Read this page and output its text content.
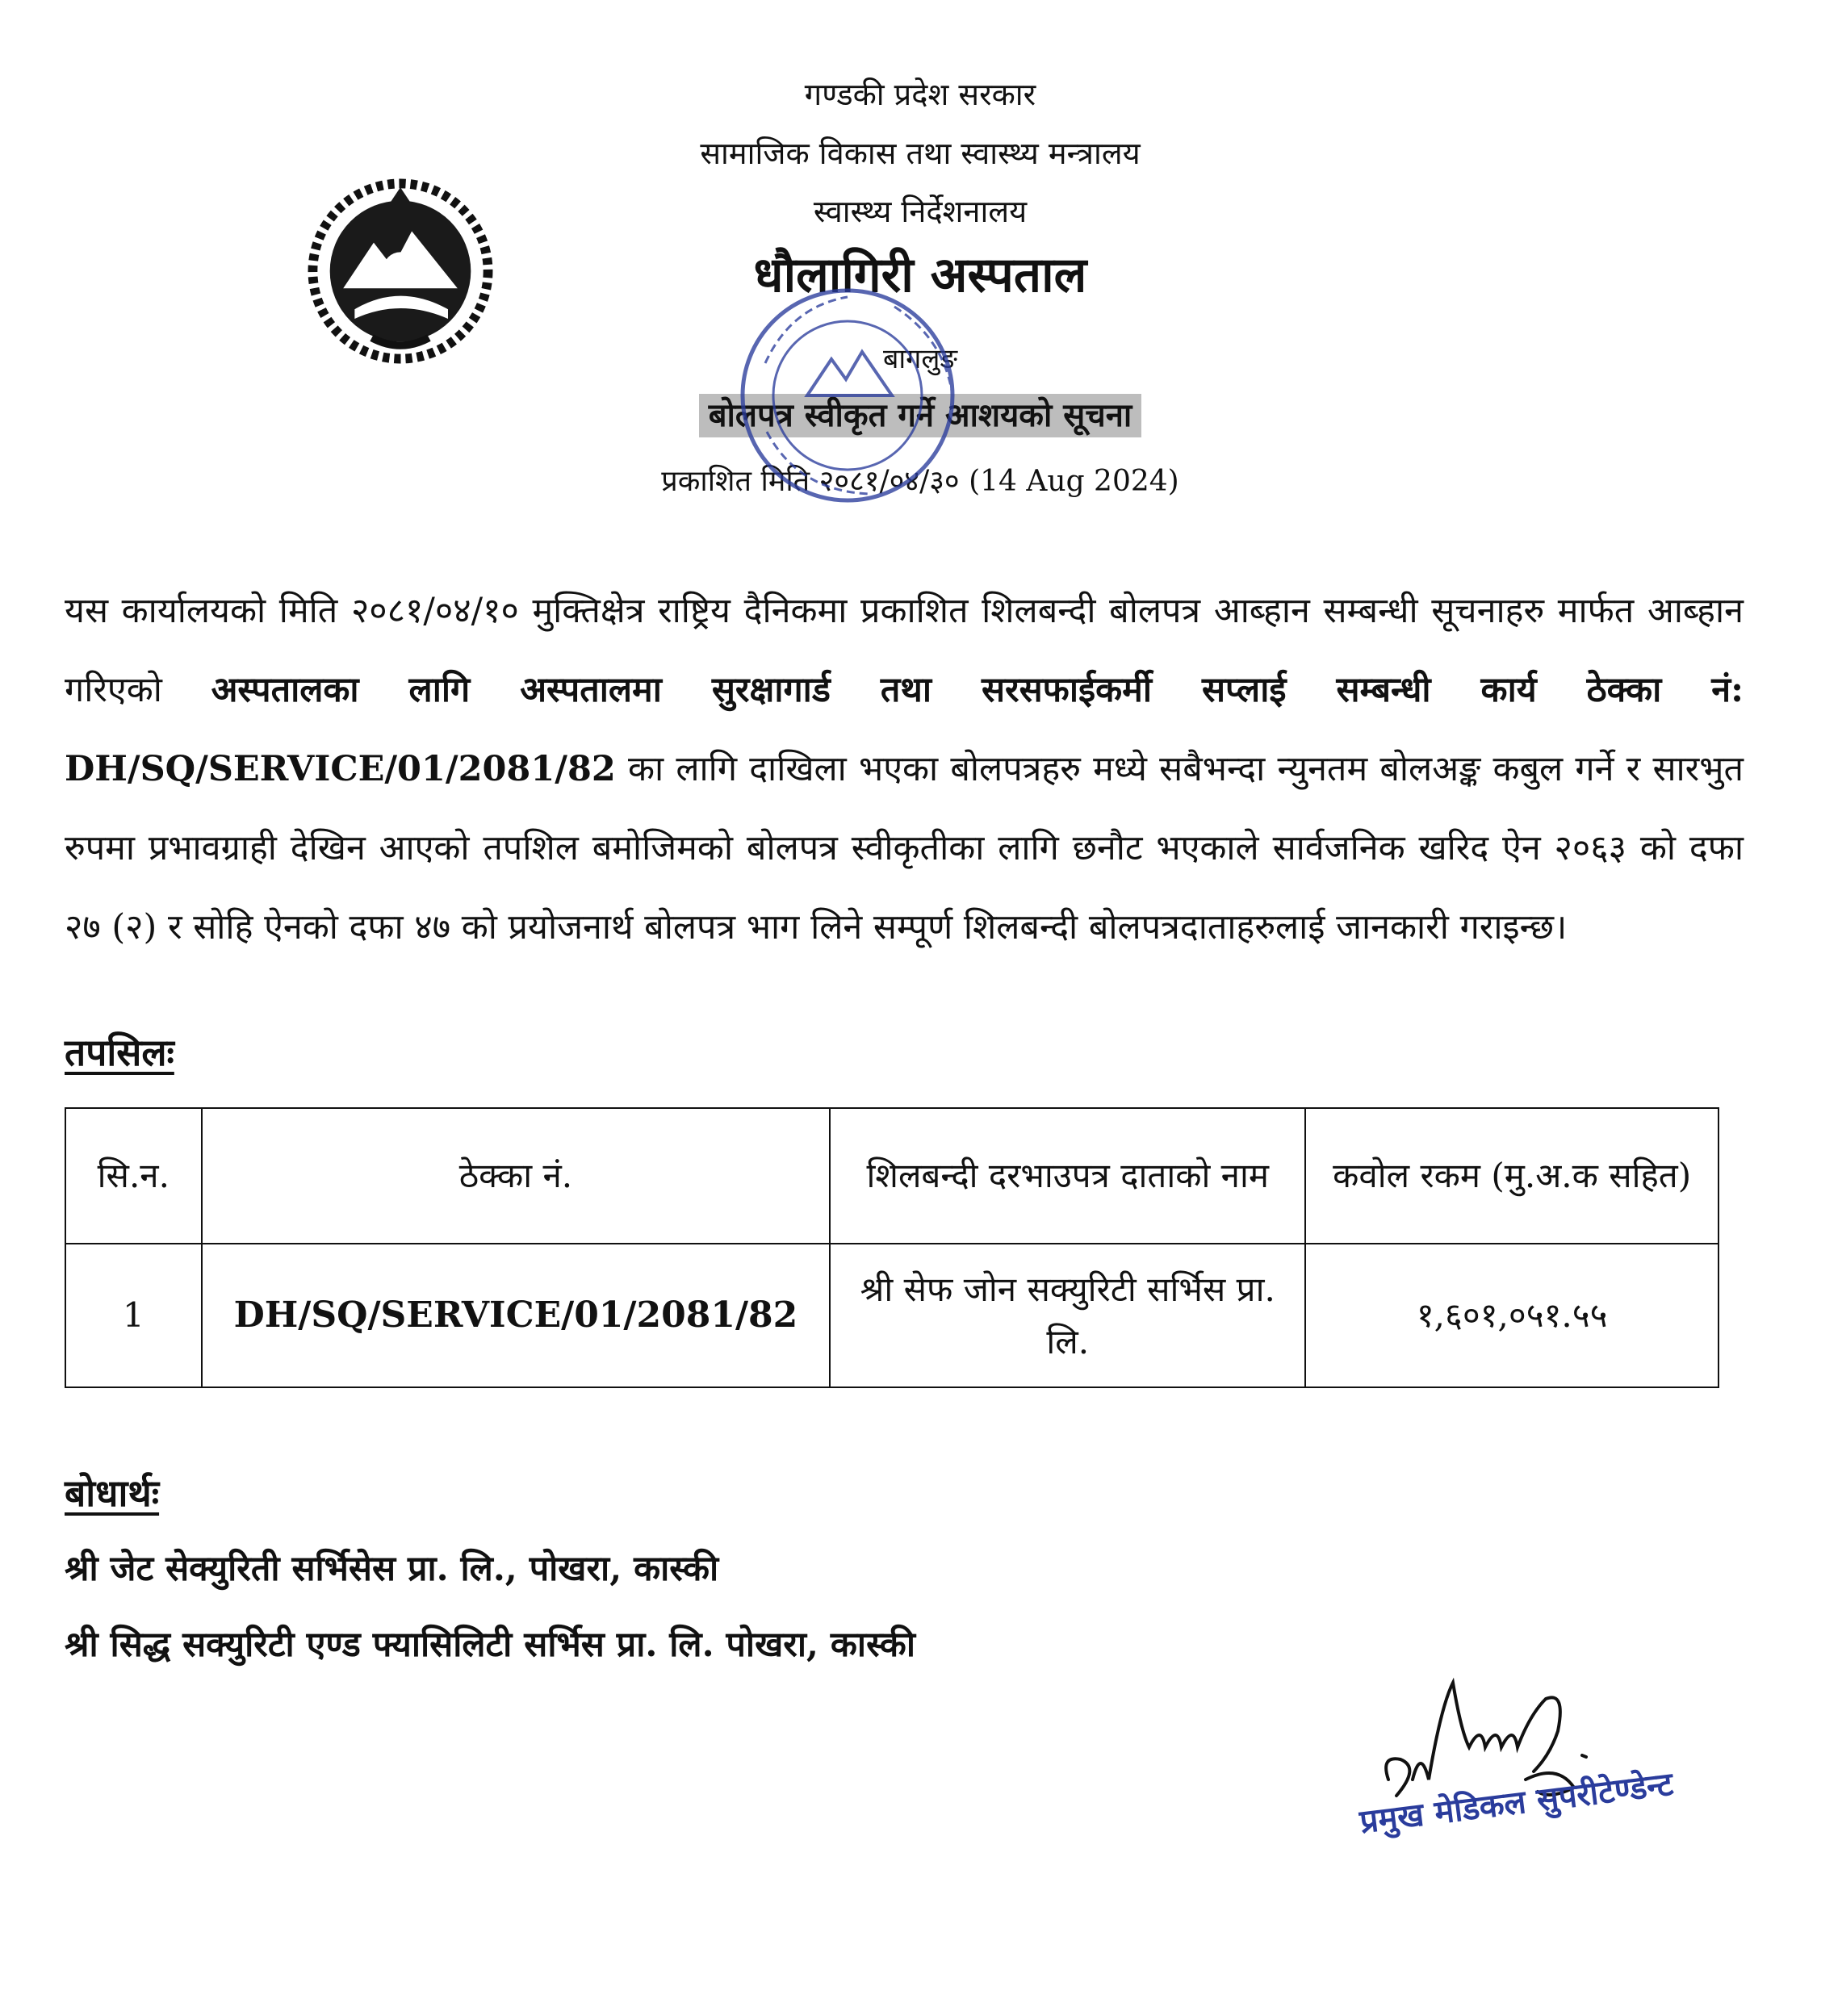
गण्डकी प्रदेश सरकार
सामाजिक विकास तथा स्वास्थ्य मन्त्रालय
स्वास्थ्य निर्देशनालय
धौलागिरी अस्पताल
बागलुङ
बोलपत्र स्वीकृत गर्ने आशयको सूचना
प्रकाशित मिति २०८१/०४/३० (14 Aug 2024)
यस कार्यालयको मिति २०८१/०४/१० मुक्तिक्षेत्र राष्ट्रिय दैनिकमा प्रकाशित शिलबन्दी बोलपत्र आब्हान सम्बन्धी सूचनाहरु मार्फत आब्हान गरिएको अस्पतालका लागि अस्पतालमा सुरक्षागार्ड तथा सरसफाईकर्मी सप्लाई सम्बन्धी कार्य ठेक्का नं: DH/SQ/SERVICE/01/2081/82 का लागि दाखिला भएका बोलपत्रहरु मध्ये सबैभन्दा न्युनतम बोलअङ्क कबुल गर्ने र सारभुत रुपमा प्रभावग्राही देखिन आएको तपशिल बमोजिमको बोलपत्र स्वीकृतीका लागि छनौट भएकाले सार्वजनिक खरिद ऐन २०६३ को दफा २७ (२) र सोहि ऐनको दफा ४७ को प्रयोजनार्थ बोलपत्र भाग लिने सम्पूर्ण शिलबन्दी बोलपत्रदाताहरुलाई जानकारी गराइन्छ।
तपसिलः
सि.न.	ठेक्का नं.	शिलबन्दी दरभाउपत्र दाताको नाम	कवोल रकम (मु.अ.क सहित)
1	DH/SQ/SERVICE/01/2081/82	श्री सेफ जोन सक्युरिटी सर्भिस प्रा. लि.	१,६०१,०५१.५५
बोधार्थः
श्री जेट सेक्युरिती सर्भिसेस प्रा. लि., पोखरा, कास्की
श्री सिद्ध सक्युरिटी एण्ड फ्यासिलिटी सर्भिस प्रा. लि. पोखरा, कास्की
प्रमुख मेडिकल सुपरीटेण्डेन्ट
